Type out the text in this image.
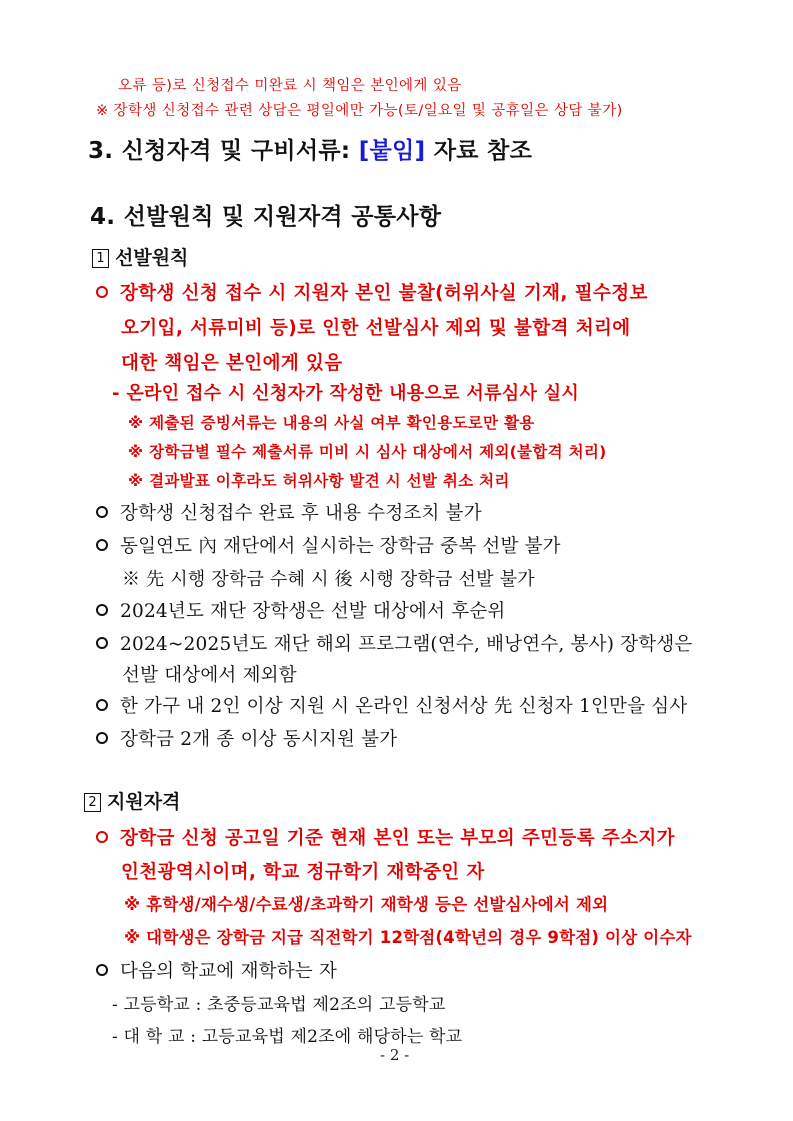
오류 등)로 신청접수 미완료 시 책임은 본인에게 있음
※ 장학생 신청접수 관련 상담은 평일에만 가능(토/일요일 및 공휴일은 상담 불가)
3. 신청자격 및 구비서류: [붙임] 자료 참조
4. 선발원칙 및 지원자격 공통사항
1 선발원칙
장학생 신청 접수 시 지원자 본인 불찰(허위사실 기재, 필수정보
오기입, 서류미비 등)로 인한 선발심사 제외 및 불합격 처리에
대한 책임은 본인에게 있음
- 온라인 접수 시 신청자가 작성한 내용으로 서류심사 실시
※ 제출된 증빙서류는 내용의 사실 여부 확인용도로만 활용
※ 장학금별 필수 제출서류 미비 시 심사 대상에서 제외(불합격 처리)
※ 결과발표 이후라도 허위사항 발견 시 선발 취소 처리
장학생 신청접수 완료 후 내용 수정조치 불가
동일연도 內 재단에서 실시하는 장학금 중복 선발 불가
※ 先 시행 장학금 수혜 시 後 시행 장학금 선발 불가
2024년도 재단 장학생은 선발 대상에서 후순위
2024~2025년도 재단 해외 프로그램(연수, 배낭연수, 봉사) 장학생은
선발 대상에서 제외함
한 가구 내 2인 이상 지원 시 온라인 신청서상 先 신청자 1인만을 심사
장학금 2개 종 이상 동시지원 불가
2 지원자격
장학금 신청 공고일 기준 현재 본인 또는 부모의 주민등록 주소지가
인천광역시이며, 학교 정규학기 재학중인 자
※ 휴학생/재수생/수료생/초과학기 재학생 등은 선발심사에서 제외
※ 대학생은 장학금 지급 직전학기 12학점(4학년의 경우 9학점) 이상 이수자
다음의 학교에 재학하는 자
- 고등학교 : 초중등교육법 제2조의 고등학교
- 대 학 교 : 고등교육법 제2조에 해당하는 학교
- 2 -
